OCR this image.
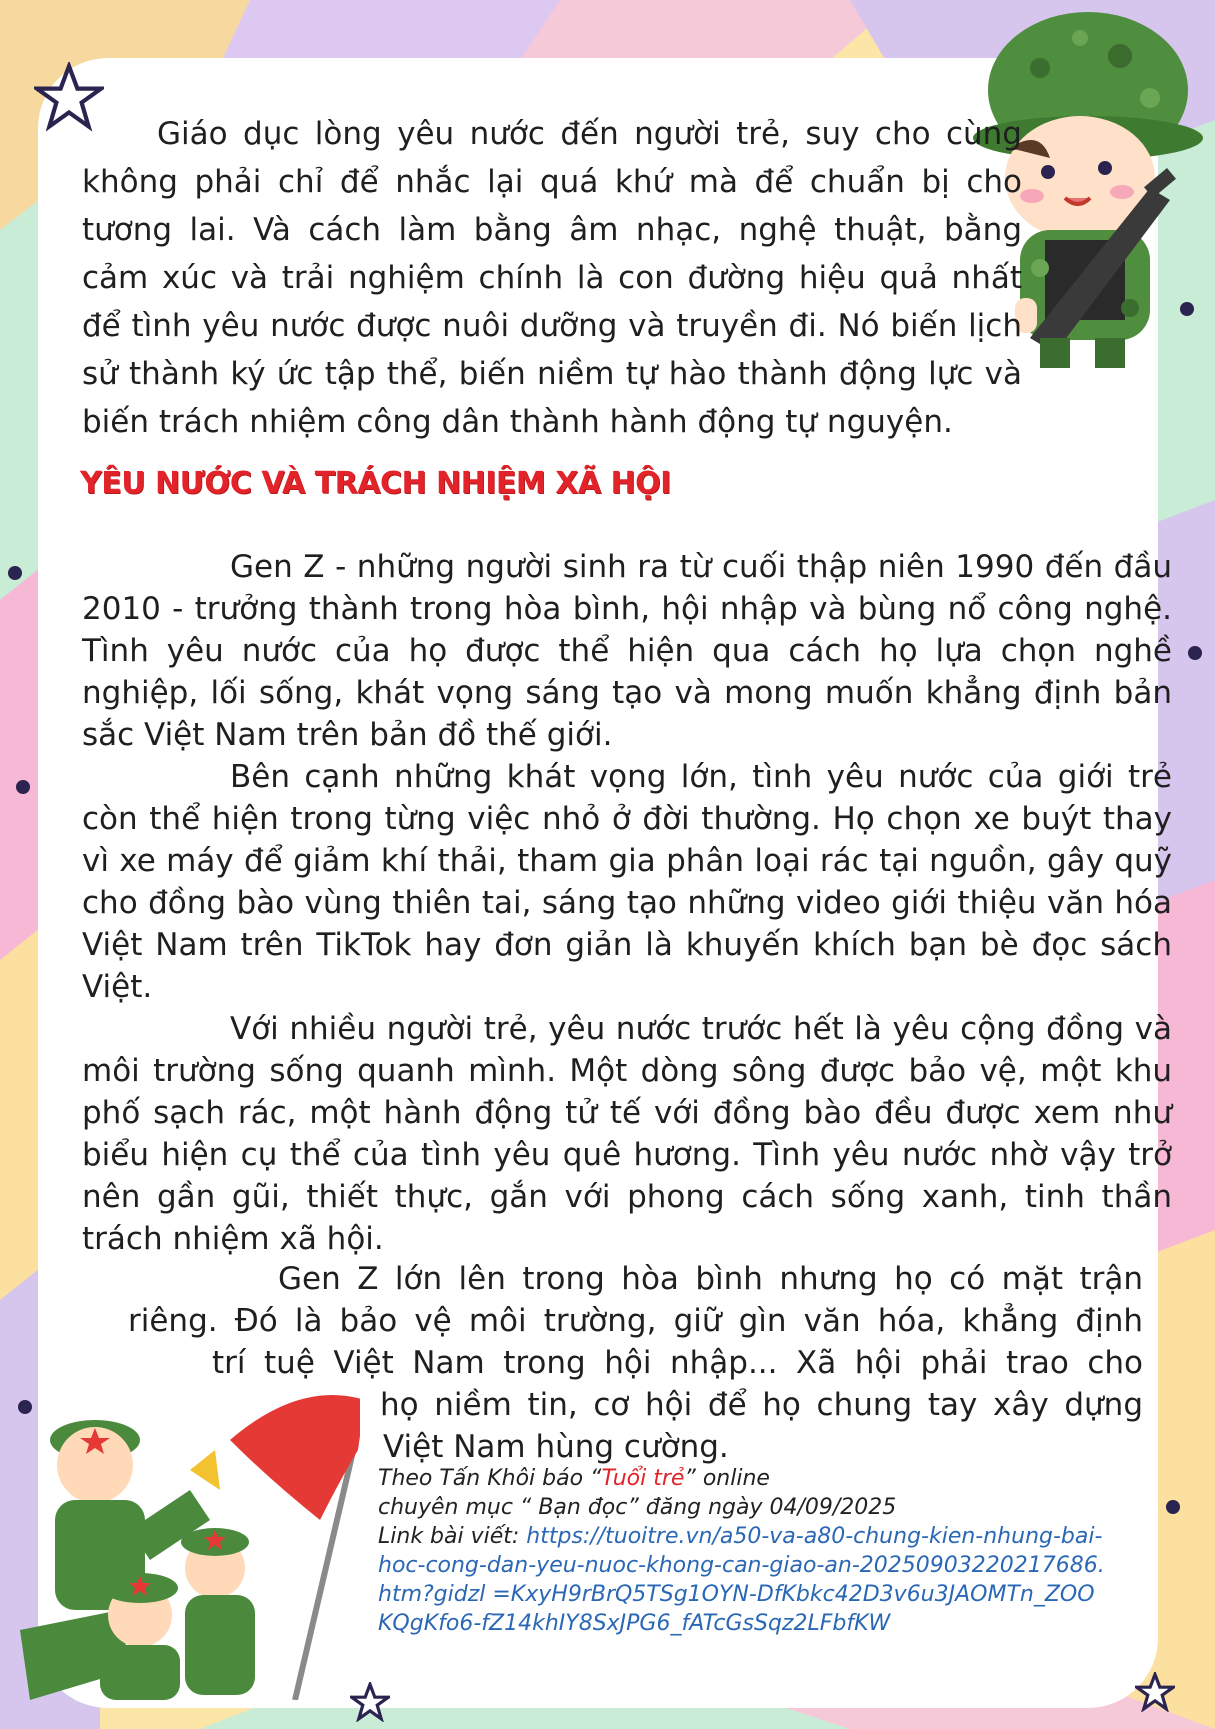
Giáo dục lòng yêu nước đến người trẻ, suy cho cùng không phải chỉ để nhắc lại quá khứ mà để chuẩn bị cho tương lai. Và cách làm bằng âm nhạc, nghệ thuật, bằng cảm xúc và trải nghiệm chính là con đường hiệu quả nhất để tình yêu nước được nuôi dưỡng và truyền đi. Nó biến lịch sử thành ký ức tập thể, biến niềm tự hào thành động lực và biến trách nhiệm công dân thành hành động tự nguyện.

YÊU NƯỚC VÀ TRÁCH NHIỆM XÃ HỘI

Gen Z - những người sinh ra từ cuối thập niên 1990 đến đầu 2010 - trưởng thành trong hòa bình, hội nhập và bùng nổ công nghệ. Tình yêu nước của họ được thể hiện qua cách họ lựa chọn nghề nghiệp, lối sống, khát vọng sáng tạo và mong muốn khẳng định bản sắc Việt Nam trên bản đồ thế giới.

Bên cạnh những khát vọng lớn, tình yêu nước của giới trẻ còn thể hiện trong từng việc nhỏ ở đời thường. Họ chọn xe buýt thay vì xe máy để giảm khí thải, tham gia phân loại rác tại nguồn, gây quỹ cho đồng bào vùng thiên tai, sáng tạo những video giới thiệu văn hóa Việt Nam trên TikTok hay đơn giản là khuyến khích bạn bè đọc sách Việt.

Với nhiều người trẻ, yêu nước trước hết là yêu cộng đồng và môi trường sống quanh mình. Một dòng sông được bảo vệ, một khu phố sạch rác, một hành động tử tế với đồng bào đều được xem như biểu hiện cụ thể của tình yêu quê hương. Tình yêu nước nhờ vậy trở nên gần gũi, thiết thực, gắn với phong cách sống xanh, tinh thần trách nhiệm xã hội.

Gen Z lớn lên trong hòa bình nhưng họ có mặt trận
riêng. Đó là bảo vệ môi trường, giữ gìn văn hóa, khẳng định
trí tuệ Việt Nam trong hội nhập... Xã hội phải trao cho
họ niềm tin, cơ hội để họ chung tay xây dựng
Việt Nam hùng cường.
Theo Tấn Khôi báo “Tuổi trẻ” online
chuyên mục “ Bạn đọc” đăng ngày 04/09/2025
Link bài viết: https://tuoitre.vn/a50-va-a80-chung-kien-nhung-bai-hoc-cong-dan-yeu-nuoc-khong-can-giao-an-20250903220217686.htm?gidzl =KxyH9rBrQ5TSg1OYN-DfKbkc42D3v6u3JAOMTn_ZOOKQgKfo6-fZ14khIY8SxJPG6_fATcGsSqz2LFbfKW
